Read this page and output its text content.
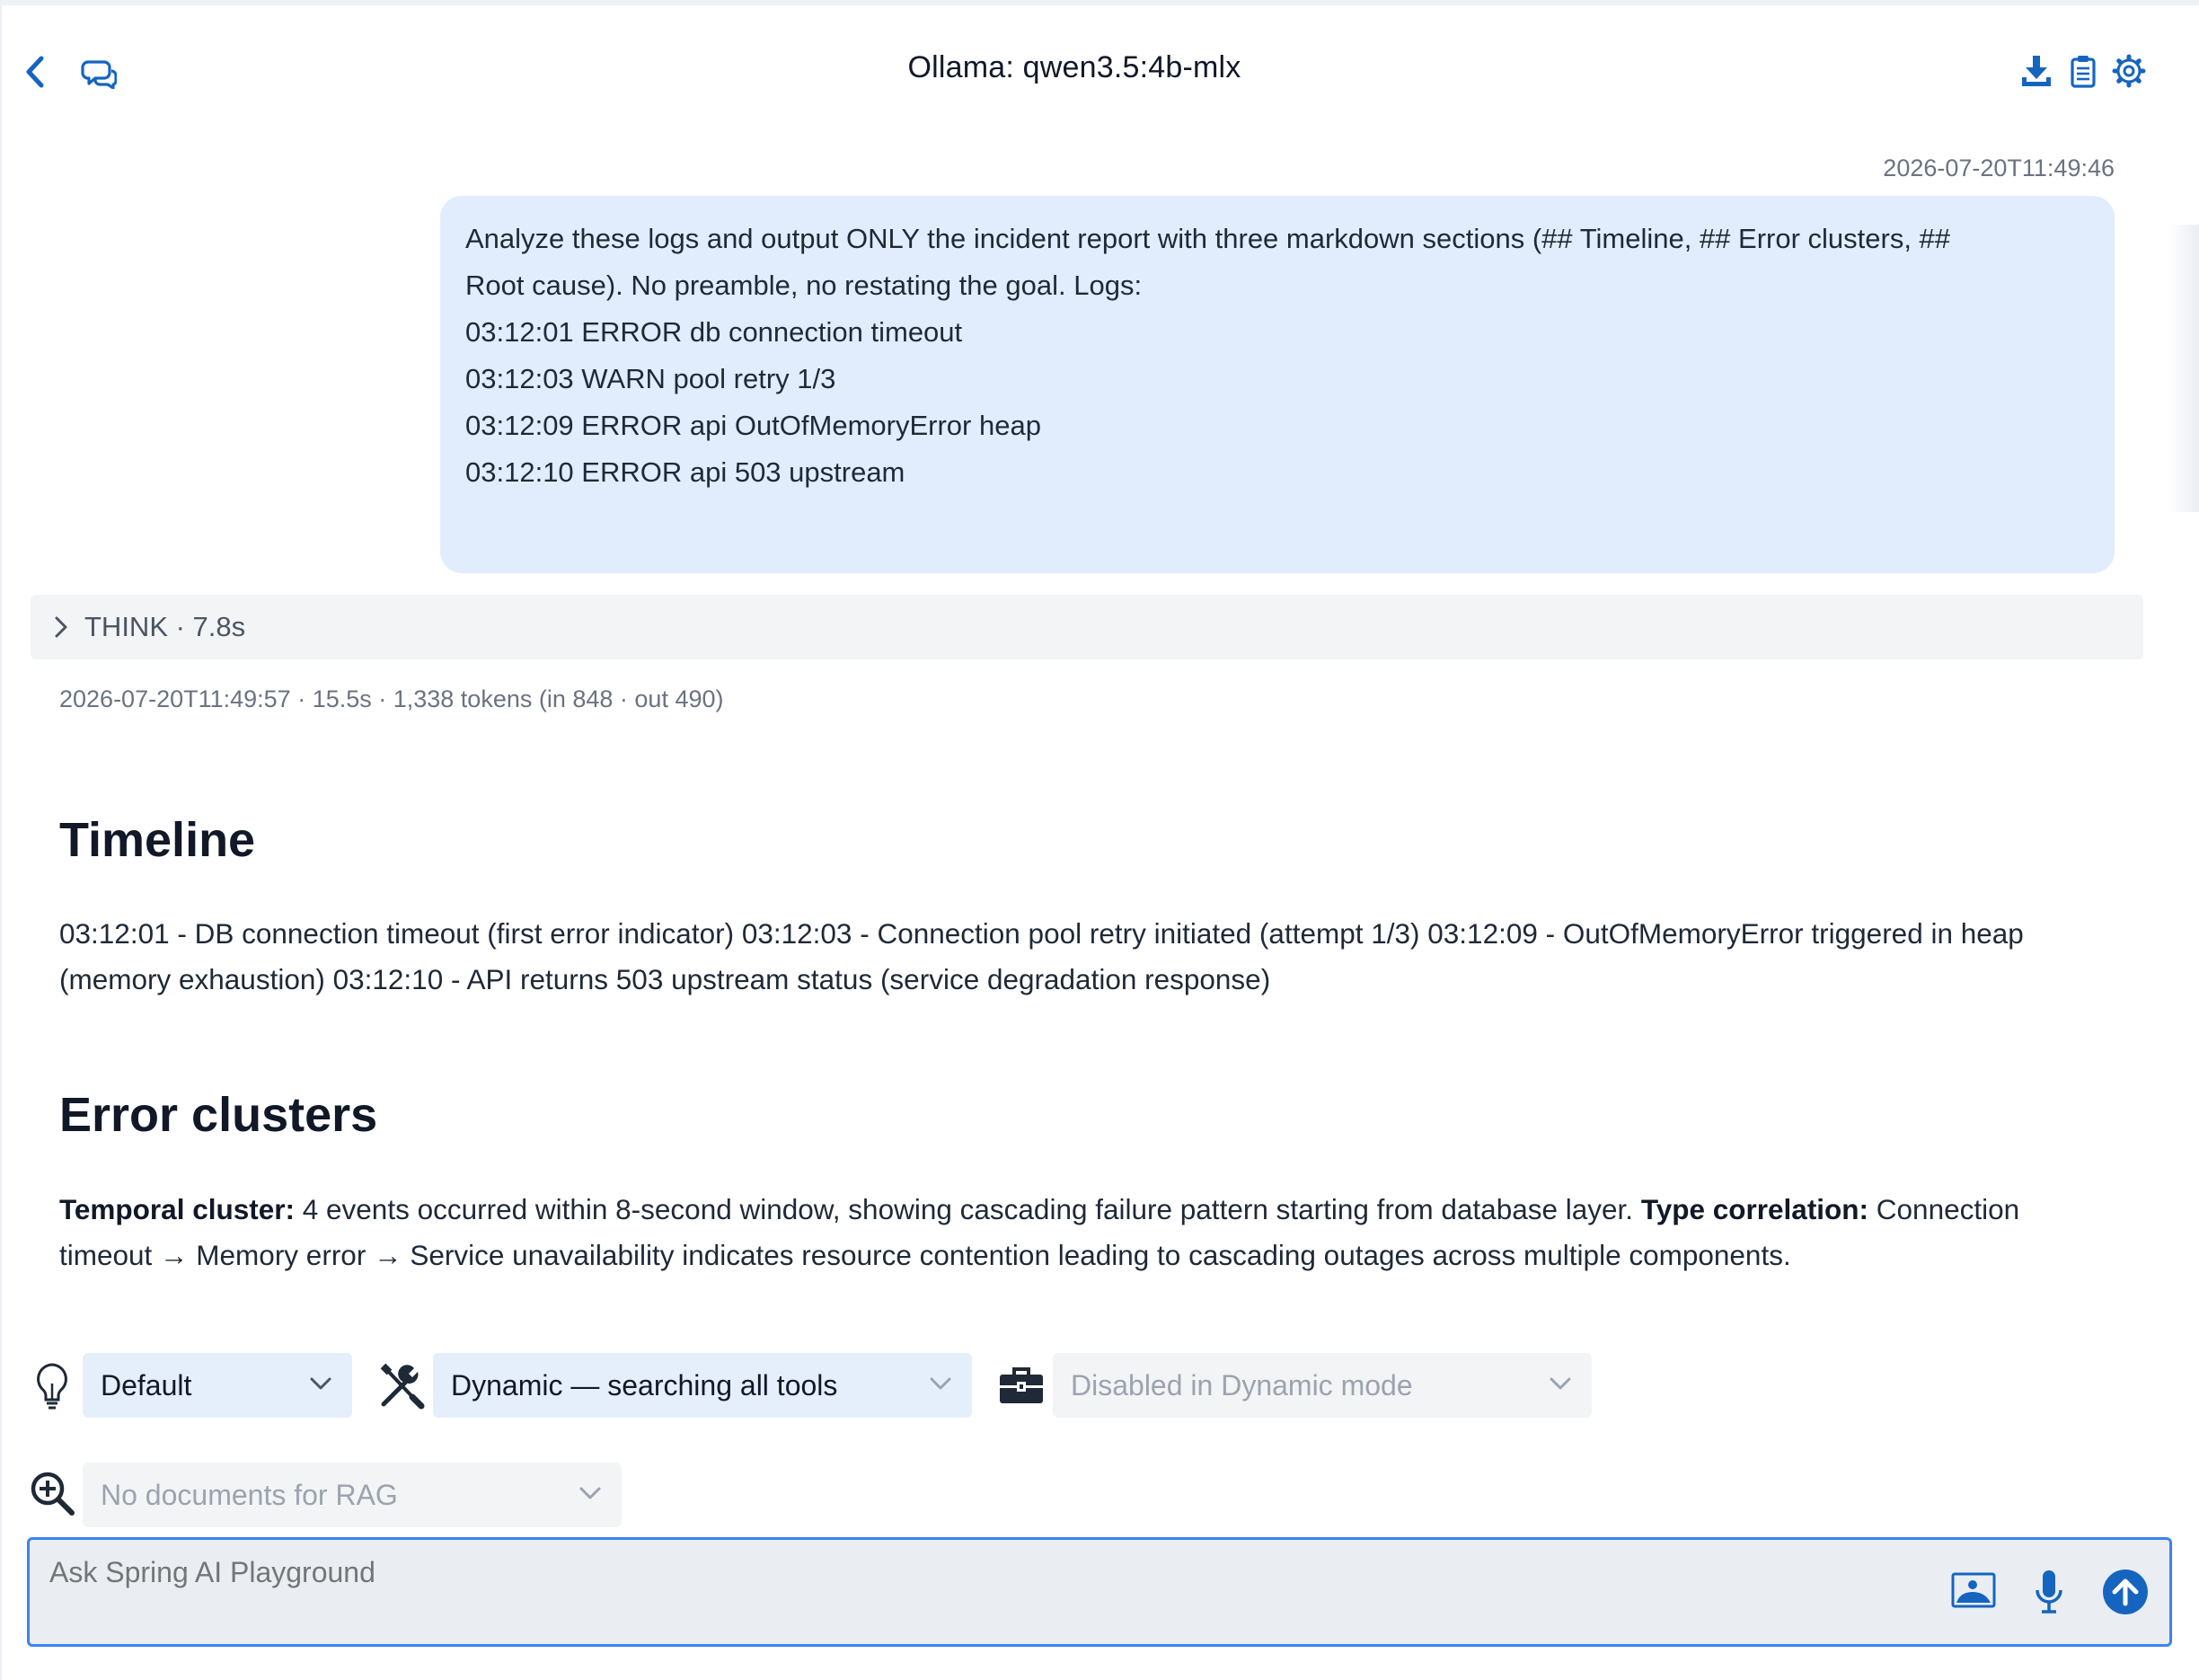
Ollama: qwen3.5:4b-mlx
2026-07-20T11:49:46
Analyze these logs and output ONLY the incident report with three markdown sections (## Timeline, ## Error clusters, ##
Root cause). No preamble, no restating the goal. Logs:
03:12:01 ERROR db connection timeout
03:12:03 WARN pool retry 1/3
03:12:09 ERROR api OutOfMemoryError heap
03:12:10 ERROR api 503 upstream
THINK · 7.8s
2026-07-20T11:49:57 · 15.5s · 1,338 tokens (in 848 · out 490)
Timeline
03:12:01 - DB connection timeout (first error indicator) 03:12:03 - Connection pool retry initiated (attempt 1/3) 03:12:09 - OutOfMemoryError triggered in heap (memory exhaustion) 03:12:10 - API returns 503 upstream status (service degradation response)
Error clusters
Temporal cluster: 4 events occurred within 8-second window, showing cascading failure pattern starting from database layer. Type correlation: Connection timeout → Memory error → Service unavailability indicates resource contention leading to cascading outages across multiple components.
Default	Dynamic — searching all tools	Disabled in Dynamic mode
No documents for RAG
Ask Spring AI Playground
